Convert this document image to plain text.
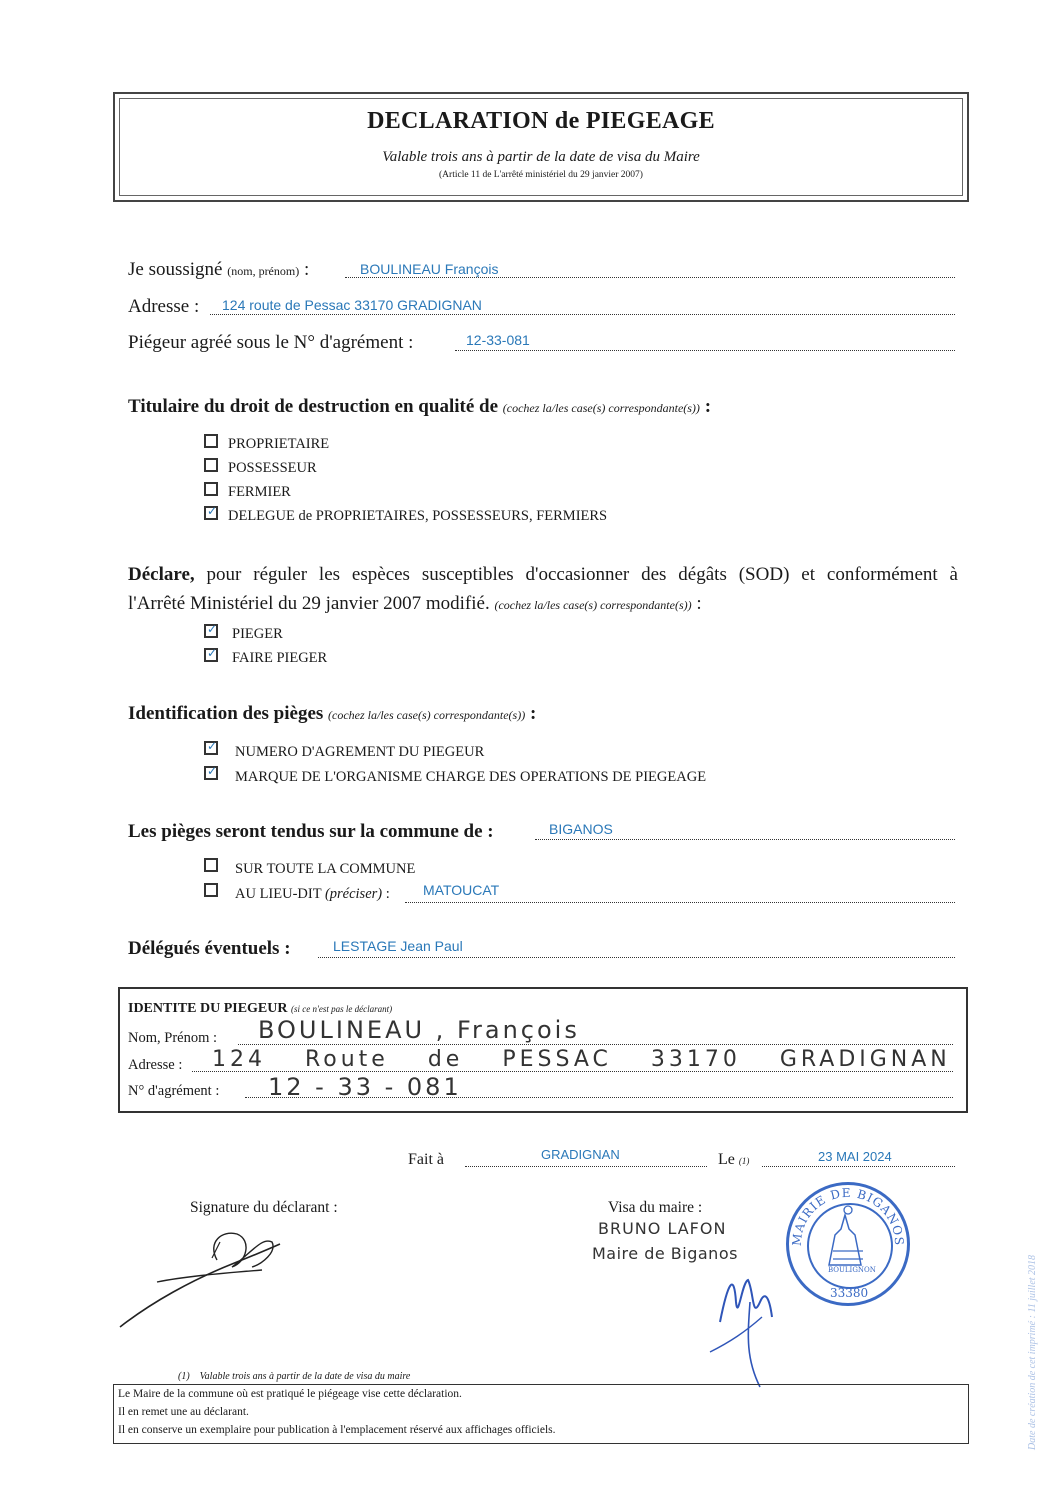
DECLARATION de PIEGEAGE
Valable trois ans à partir de la date de visa du Maire
(Article 11 de L'arrêté ministériel du 29 janvier 2007)
Je soussigné (nom, prénom) :	BOULINEAU François
Adresse : 124 route de Pessac 33170 GRADIGNAN
Piégeur agréé sous le N° d'agrément :	12-33-081
Titulaire du droit de destruction en qualité de (cochez la/les case(s) correspondante(s)) :
PROPRIETAIRE
POSSESSEUR
FERMIER
✓
DELEGUE de PROPRIETAIRES, POSSESSEURS, FERMIERS
Déclare, pour réguler les espèces susceptibles d'occasionner des dégâts (SOD) et conformément à
l'Arrêté Ministériel du 29 janvier 2007 modifié. (cochez la/les case(s) correspondante(s)) :
✓
PIEGER
✓
FAIRE PIEGER
Identification des pièges (cochez la/les case(s) correspondante(s)) :
✓
NUMERO D'AGREMENT DU PIEGEUR
✓
MARQUE DE L'ORGANISME CHARGE DES OPERATIONS DE PIEGEAGE
Les pièges seront tendus sur la commune de :	BIGANOS
SUR TOUTE LA COMMUNE
AU LIEU-DIT (préciser) : MATOUCAT
Délégués éventuels :	LESTAGE Jean Paul
IDENTITE DU PIEGEUR (si ce n'est pas le déclarant)
Nom, Prénom : BOULINEAU , François
Adresse : 124 Route de PESSAC 33170 GRADIGNAN
N° d'agrément : 12 - 33 - 081
Fait à	GRADIGNAN	Le (1)	23 MAI 2024
Signature du déclarant :	Visa du maire :
BRUNO LAFON
Maire de Biganos
MAIRIE DE BIGANOS
BOULIGNON
33380
(1) Valable trois ans à partir de la date de visa du maire
Le Maire de la commune où est pratiqué le piégeage vise cette déclaration.
Il en remet une au déclarant.
Il en conserve un exemplaire pour publication à l'emplacement réservé aux affichages officiels.	Date de création de cet imprimé : 11 juillet 2018
